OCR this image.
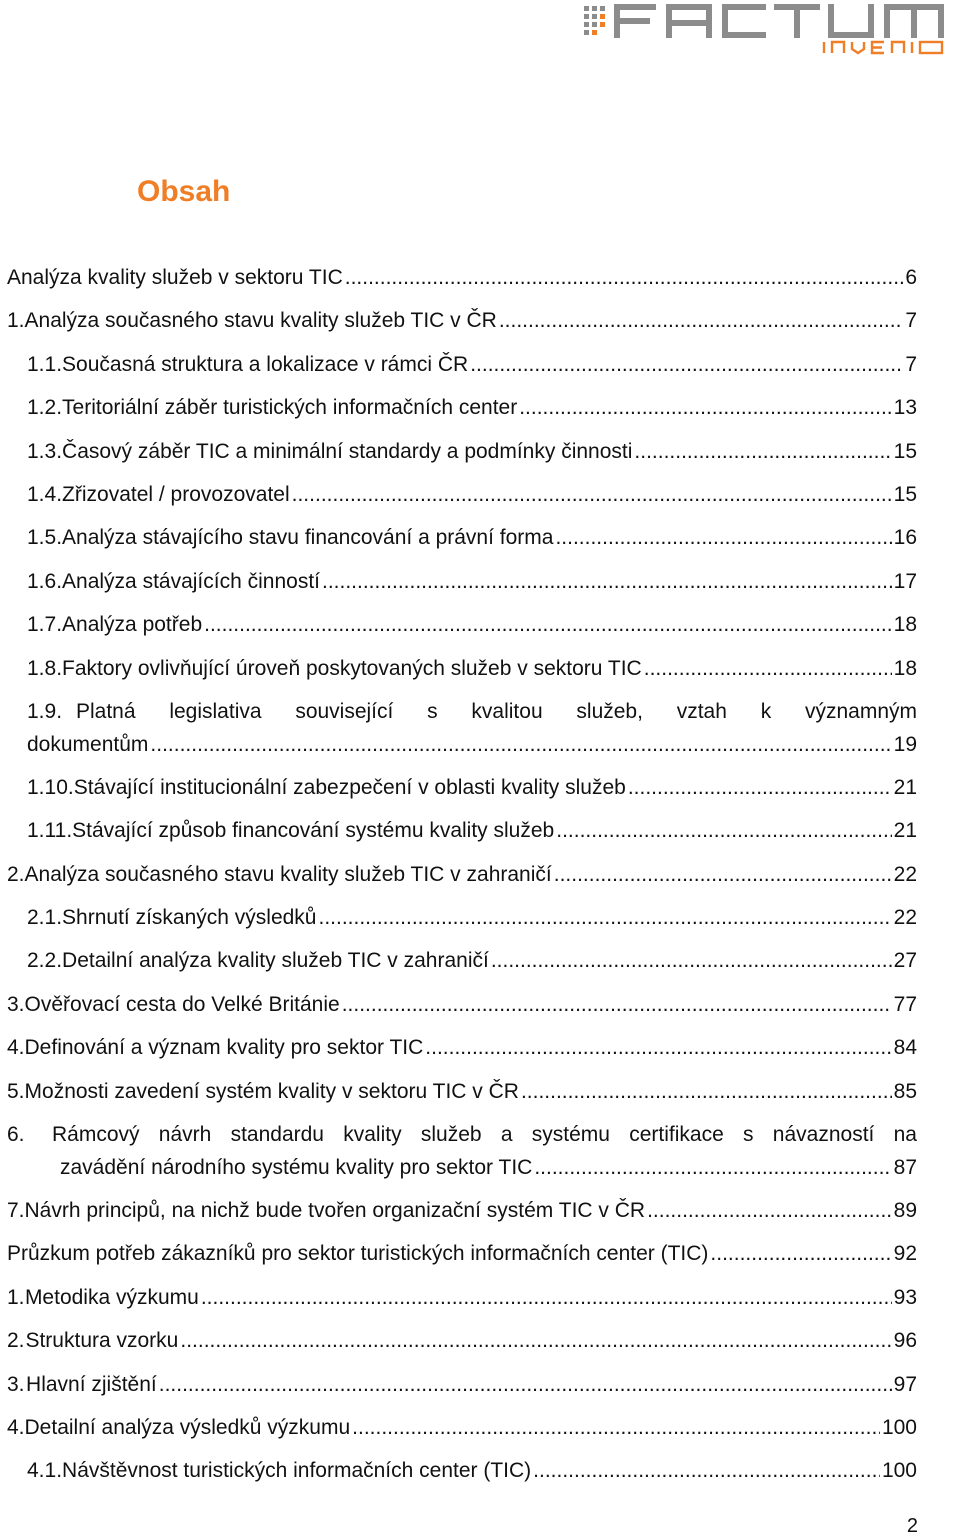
Obsah
Analýza kvality služeb v sektoru TIC .....	6
1. Analýza současného stavu kvality služeb TIC v ČR .....	7
1.1. Současná struktura a lokalizace v rámci ČR .....	7
1.2. Teritoriální záběr turistických informačních center .....	13
1.3. Časový záběr TIC a minimální standardy a podmínky činnosti .....	15
1.4. Zřizovatel / provozovatel .....	15
1.5. Analýza stávajícího stavu financování a právní forma .....	16
1.6. Analýza stávajících činností .....	17
1.7. Analýza potřeb .....	18
1.8. Faktory ovlivňující úroveň poskytovaných služeb v sektoru TIC .....	18
1.9. Platná legislativa související s kvalitou služeb, vztah k významným
dokumentům .....	19
1.10. Stávající institucionální zabezpečení v oblasti kvality služeb .....	21
1.11. Stávající způsob financování systému kvality služeb .....	21
2. Analýza současného stavu kvality služeb TIC v zahraničí .....	22
2.1. Shrnutí získaných výsledků .....	22
2.2. Detailní analýza kvality služeb TIC v zahraničí .....	27
3. Ověřovací cesta do Velké Británie .....	77
4. Definování a význam kvality pro sektor TIC .....	84
5. Možnosti zavedení systém kvality v sektoru TIC v ČR .....	85
6.	Rámcový návrh standardu kvality služeb a systému certifikace s návazností na
zavádění národního systému kvality pro sektor TIC .....	87
7. Návrh principů, na nichž bude tvořen organizační systém TIC v ČR .....	89
Průzkum potřeb zákazníků pro sektor turistických informačních center (TIC) .....	92
1. Metodika výzkumu .....	93
2. Struktura vzorku .....	96
3. Hlavní zjištění .....	97
4. Detailní analýza výsledků výzkumu .....	100
4.1. Návštěvnost turistických informačních center (TIC) .....	100
2
